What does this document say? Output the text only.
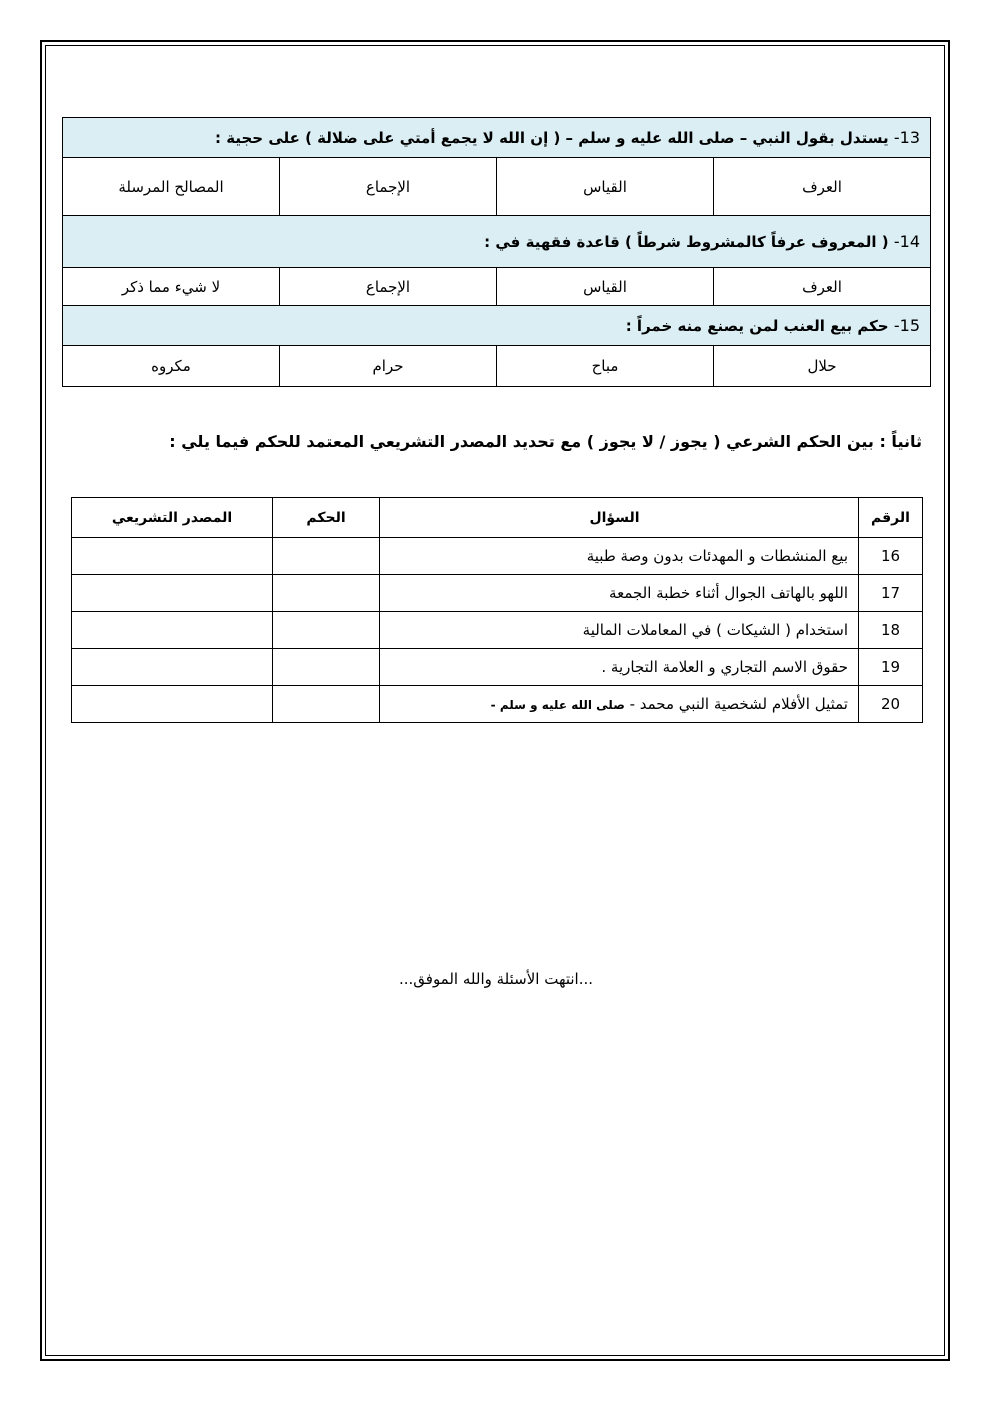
13- يستدل بقول النبي – صلى الله عليه و سلم – ( إن الله لا يجمع أمتي على ضلالة ) على حجية :			
العرف	القياس	الإجماع	المصالح المرسلة
14- ( المعروف عرفاً كالمشروط شرطاً ) قاعدة فقهية في :			
العرف	القياس	الإجماع	لا شيء مما ذكر
15- حكم بيع العنب لمن يصنع منه خمراً :			
حلال	مباح	حرام	مكروه
ثانياً : بين الحكم الشرعي ( يجوز / لا يجوز ) مع تحديد المصدر التشريعي المعتمد للحكم فيما يلي :
الرقم	السؤال	الحكم	المصدر التشريعي
16	بيع المنشطات و المهدئات بدون وصة طبية		
17	اللهو بالهاتف الجوال أثناء خطبة الجمعة		
18	استخدام ( الشيكات ) في المعاملات المالية		
19	حقوق الاسم التجاري و العلامة التجارية .		
20	تمثيل الأفلام لشخصية النبي محمد - صلى الله عليه و سلم -		
...انتهت الأسئلة والله الموفق...
